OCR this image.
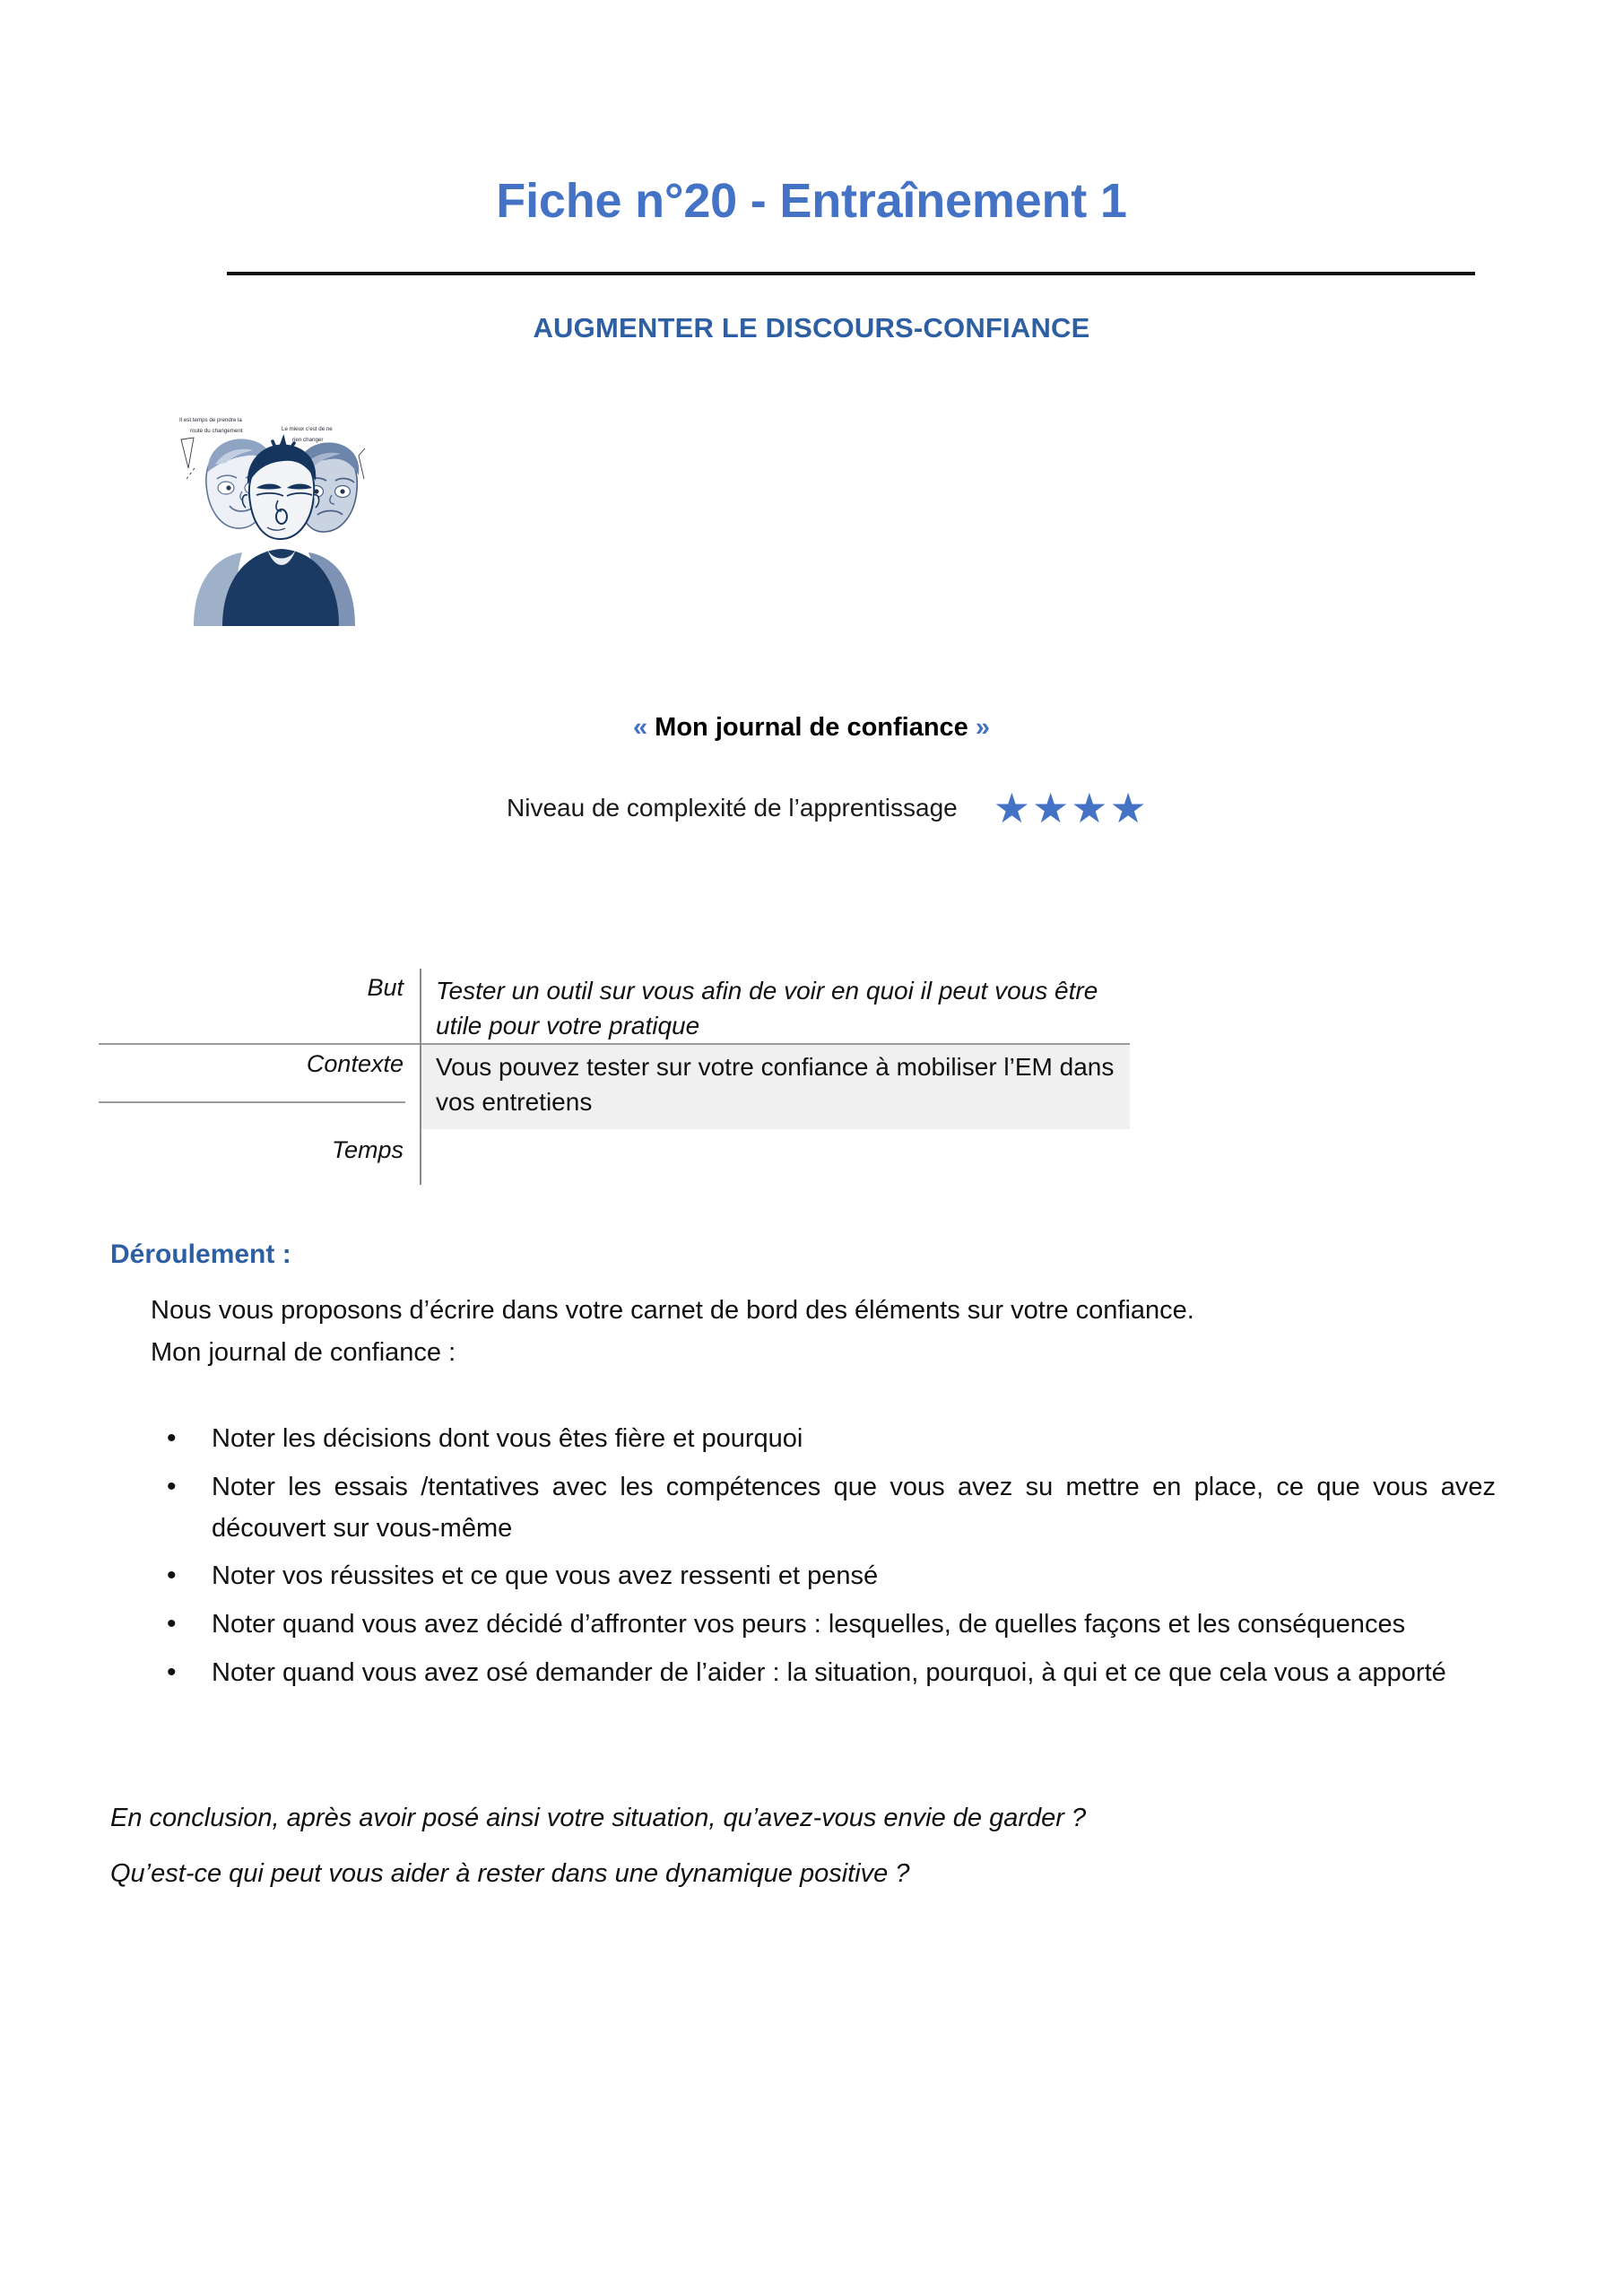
Fiche n°20 - Entraînement 1
AUGMENTER LE DISCOURS-CONFIANCE
Il est temps de prendre la
route du changement	Le mieux c’est de ne
rien changer
« Mon journal de confiance »
Niveau de complexité de l’apprentissage ★ ★ ★ ★
But	Tester un outil sur vous afin de voir en quoi il peut vous être utile pour votre pratique
Contexte	Vous pouvez tester sur votre confiance à mobiliser l’EM dans vos entretiens
Temps	
Déroulement :
Nous vous proposons d’écrire dans votre carnet de bord des éléments sur votre confiance.
Mon journal de confiance :
• Noter les décisions dont vous êtes fière et pourquoi
• Noter les essais /tentatives avec les compétences que vous avez su mettre en place, ce que vous avez découvert sur vous-même
• Noter vos réussites et ce que vous avez ressenti et pensé
• Noter quand vous avez décidé d’affronter vos peurs : lesquelles, de quelles façons et les conséquences
• Noter quand vous avez osé demander de l’aider : la situation, pourquoi, à qui et ce que cela vous a apporté
En conclusion, après avoir posé ainsi votre situation, qu’avez-vous envie de garder ?
Qu’est-ce qui peut vous aider à rester dans une dynamique positive ?
